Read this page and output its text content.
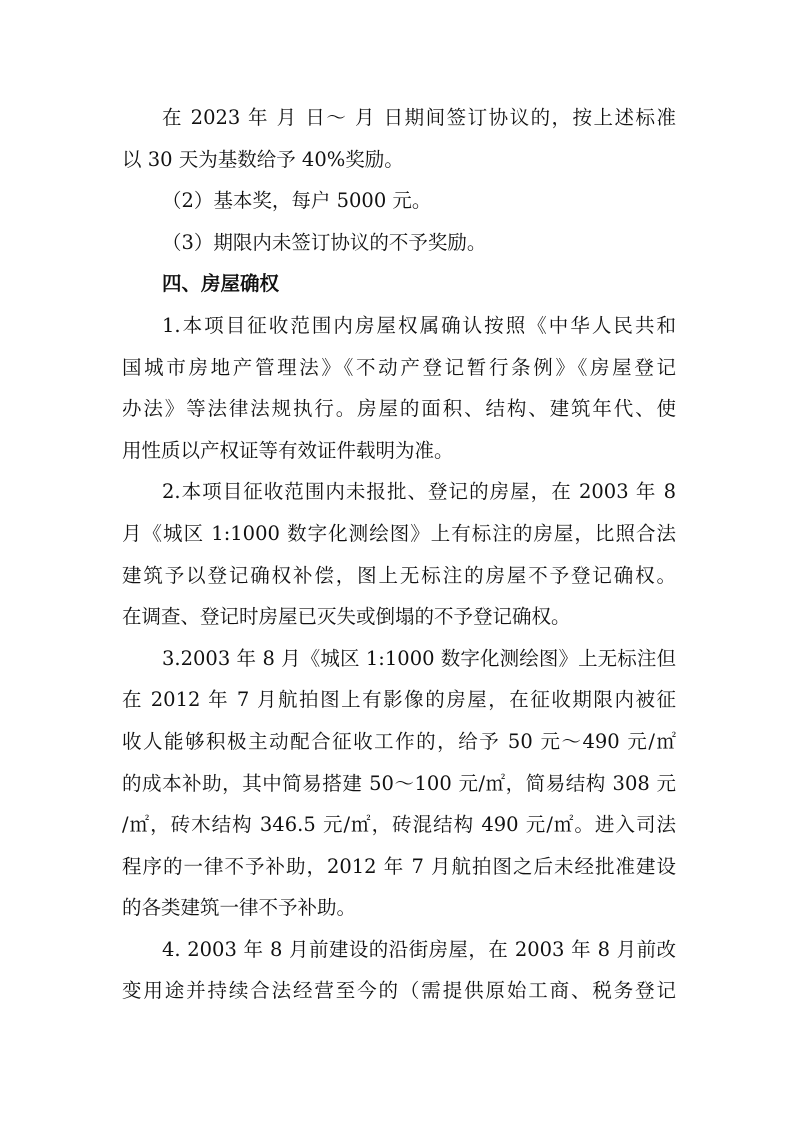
在 2023 年 月 日～ 月 日期间签订协议的，按上述标准
以 30 天为基数给予 40%奖励。
（2）基本奖，每户 5000 元。
（3）期限内未签订协议的不予奖励。
四、房屋确权
1.本项目征收范围内房屋权属确认按照《中华人民共和
国城市房地产管理法》《不动产登记暂行条例》《房屋登记
办法》等法律法规执行。房屋的面积、结构、建筑年代、使
用性质以产权证等有效证件载明为准。
2.本项目征收范围内未报批、登记的房屋，在 2003 年 8
月《城区 1:1000 数字化测绘图》上有标注的房屋，比照合法
建筑予以登记确权补偿，图上无标注的房屋不予登记确权。
在调查、登记时房屋已灭失或倒塌的不予登记确权。
3.2003 年 8 月《城区 1:1000 数字化测绘图》上无标注但
在 2012 年 7 月航拍图上有影像的房屋，在征收期限内被征
收人能够积极主动配合征收工作的，给予 50 元～490 元/㎡
的成本补助，其中简易搭建 50～100 元/㎡，简易结构 308 元
/㎡，砖木结构 346.5 元/㎡，砖混结构 490 元/㎡。进入司法
程序的一律不予补助，2012 年 7 月航拍图之后未经批准建设
的各类建筑一律不予补助。
4. 2003 年 8 月前建设的沿街房屋，在 2003 年 8 月前改
变用途并持续合法经营至今的（需提供原始工商、税务登记
